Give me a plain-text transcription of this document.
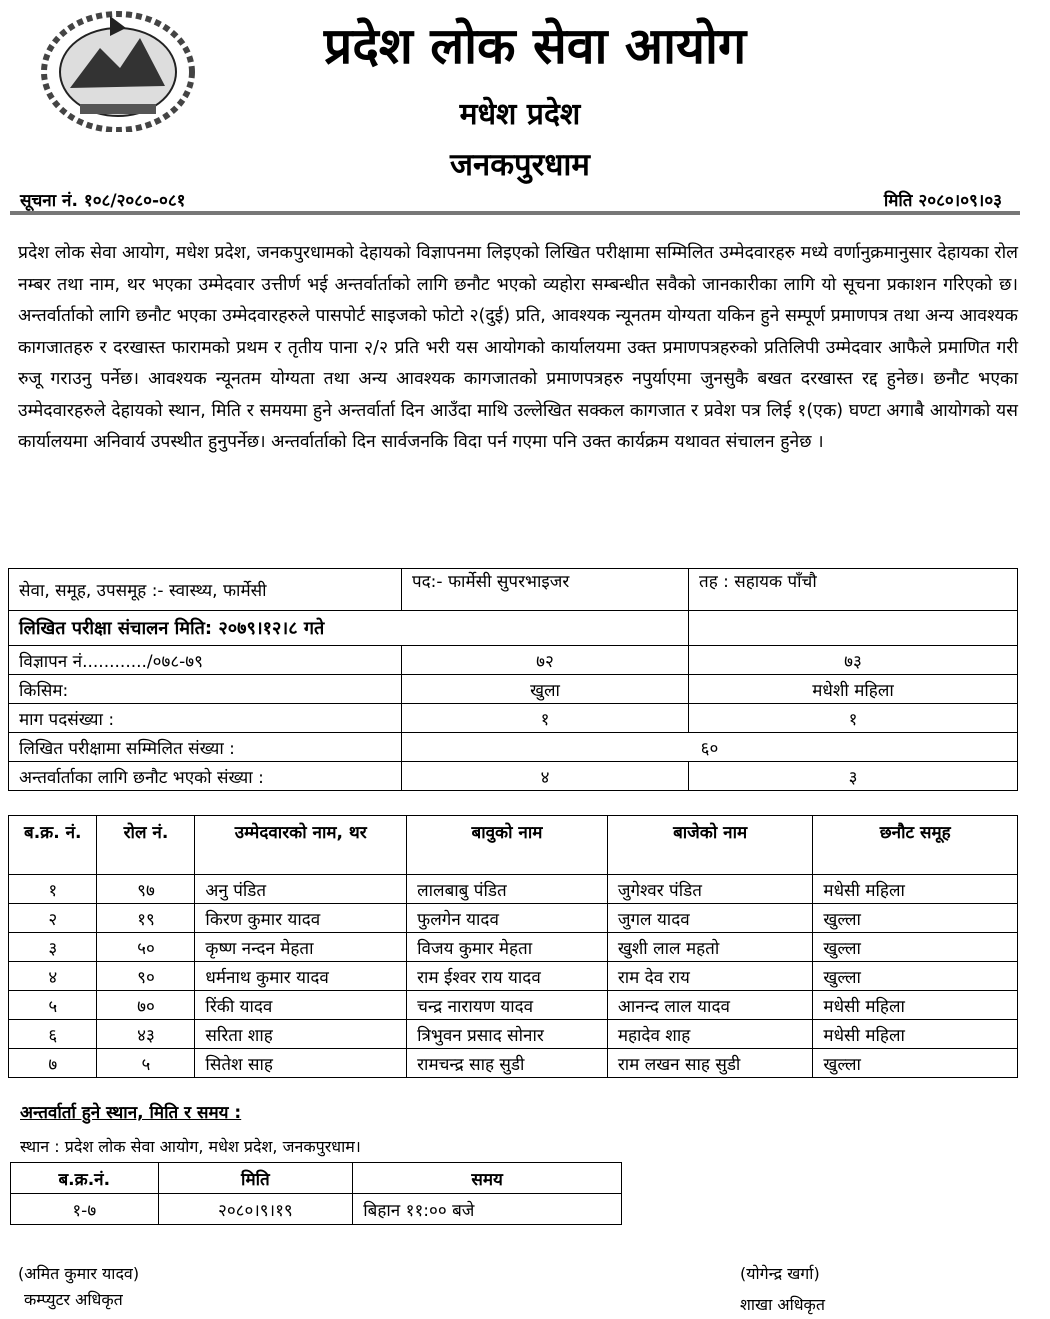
प्रदेश लोक सेवा आयोग
मधेश प्रदेश
जनकपुरधाम
सूचना नं. १०८/२०८०-०८१	मिति २०८०।०९।०३
प्रदेश लोक सेवा आयोग, मधेश प्रदेश, जनकपुरधामको देहायको विज्ञापनमा लिइएको लिखित परीक्षामा सम्मिलित उम्मेदवारहरु मध्ये वर्णानुक्रमानुसार देहायका रोल नम्बर तथा नाम, थर भएका उम्मेदवार उत्तीर्ण भई अन्तर्वार्ताको लागि छनौट भएको व्यहोरा सम्बन्धीत सवैको जानकारीका लागि यो सूचना प्रकाशन गरिएको छ। अन्तर्वार्ताको लागि छनौट भएका उम्मेदवारहरुले पासपोर्ट साइजको फोटो २(दुई) प्रति, आवश्यक न्यूनतम योग्यता यकिन हुने सम्पूर्ण प्रमाणपत्र तथा अन्य आवश्यक कागजातहरु र दरखास्त फारामको प्रथम र तृतीय पाना २/२ प्रति भरी यस आयोगको कार्यालयमा उक्त प्रमाणपत्रहरुको प्रतिलिपी उम्मेदवार आफैले प्रमाणित गरी रुजू गराउनु पर्नेछ। आवश्यक न्यूनतम योग्यता तथा अन्य आवश्यक कागजातको प्रमाणपत्रहरु नपुर्याएमा जुनसुकै बखत दरखास्त रद्द हुनेछ। छनौट भएका उम्मेदवारहरुले देहायको स्थान, मिति र समयमा हुने अन्तर्वार्ता दिन आउँदा माथि उल्लेखित सक्कल कागजात र प्रवेश पत्र लिई १(एक) घण्टा अगाबै आयोगको यस कार्यालयमा अनिवार्य उपस्थीत हुनुपर्नेछ। अन्तर्वार्ताको दिन सार्वजनकि विदा पर्न गएमा पनि उक्त कार्यक्रम यथावत संचालन हुनेछ ।
सेवा, समूह, उपसमूह :- स्वास्थ्य, फार्मेसी	पद:- फार्मेसी सुपरभाइजर	तह : सहायक पाँचौ
लिखित परीक्षा संचालन मिति: २०७९।१२।८ गते		
विज्ञापन नं............/०७८-७९	७२	७३
किसिम:	खुला	मधेशी महिला
माग पदसंख्या :	१	१
लिखित परीक्षामा सम्मिलित संख्या :	६०	
अन्तर्वार्ताका लागि छनौट भएको संख्या :	४	३
ब.क्र. नं.	रोल नं.	उम्मेदवारको नाम, थर	बावुको नाम	बाजेको नाम	छनौट समूह
१	९७	अनु पंडित	लालबाबु पंडित	जुगेश्वर पंडित	मधेसी महिला
२	१९	किरण कुमार यादव	फुलगेन यादव	जुगल यादव	खुल्ला
३	५०	कृष्ण नन्दन मेहता	विजय कुमार मेहता	खुशी लाल महतो	खुल्ला
४	९०	धर्मनाथ कुमार यादव	राम ईश्वर राय यादव	राम देव राय	खुल्ला
५	७०	रिंकी यादव	चन्द्र नारायण यादव	आनन्द लाल यादव	मधेसी महिला
६	४३	सरिता शाह	त्रिभुवन प्रसाद सोनार	महादेव शाह	मधेसी महिला
७	५	सितेश साह	रामचन्द्र साह सुडी	राम लखन साह सुडी	खुल्ला
अन्तर्वार्ता हुने स्थान, मिति र समय :
स्थान : प्रदेश लोक सेवा आयोग, मधेश प्रदेश, जनकपुरधाम।
ब.क्र.नं.	मिति	समय
१-७	२०८०।९।१९	बिहान ११:०० बजे
(अमित कुमार यादव)
कम्प्युटर अधिकृत
(योगेन्द्र खर्गा)
शाखा अधिकृत
